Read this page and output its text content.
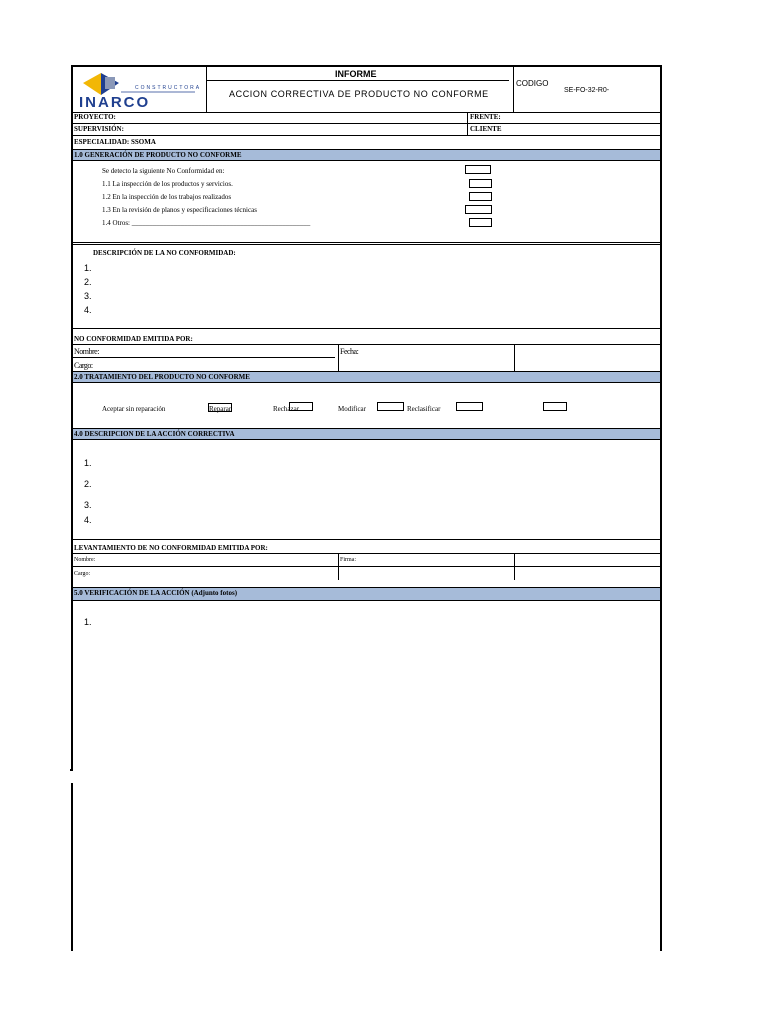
CONSTRUCTORA
INARCO
INFORME
ACCION CORRECTIVA DE PRODUCTO NO CONFORME
CODIGO
SE-FO-32-R0-
PROYECTO:	FRENTE:
SUPERVISIÓN:	CLIENTE
ESPECIALIDAD: SSOMA
1.0 GENERACIÓN DE PRODUCTO NO CONFORME
Se detecto la siguiente No Conformidad en:
1.1 La inspección de los productos y servicios.
1.2 En la inspección de los trabajos realizados
1.3 En la revisión de planos y especificaciones técnicas
1.4 Otros: ___________________________________________________
DESCRIPCIÓN DE LA NO CONFORMIDAD:
1.
2.
3.
4.
NO CONFORMIDAD EMITIDA POR:
Nombre:	Fecha:
Cargo:
2.0 TRATAMIENTO DEL PRODUCTO NO CONFORME
Aceptar sin reparación	Reparar	Rechazar	Modificar	Reclasificar
4.0 DESCRIPCION DE LA ACCIÓN CORRECTIVA
1.
2.
3.
4.
LEVANTAMIENTO DE NO CONFORMIDAD EMITIDA POR:
Nombre:	Firma:
Cargo:
5.0 VERIFICACIÓN DE LA ACCIÓN (Adjunto fotos)
1.
